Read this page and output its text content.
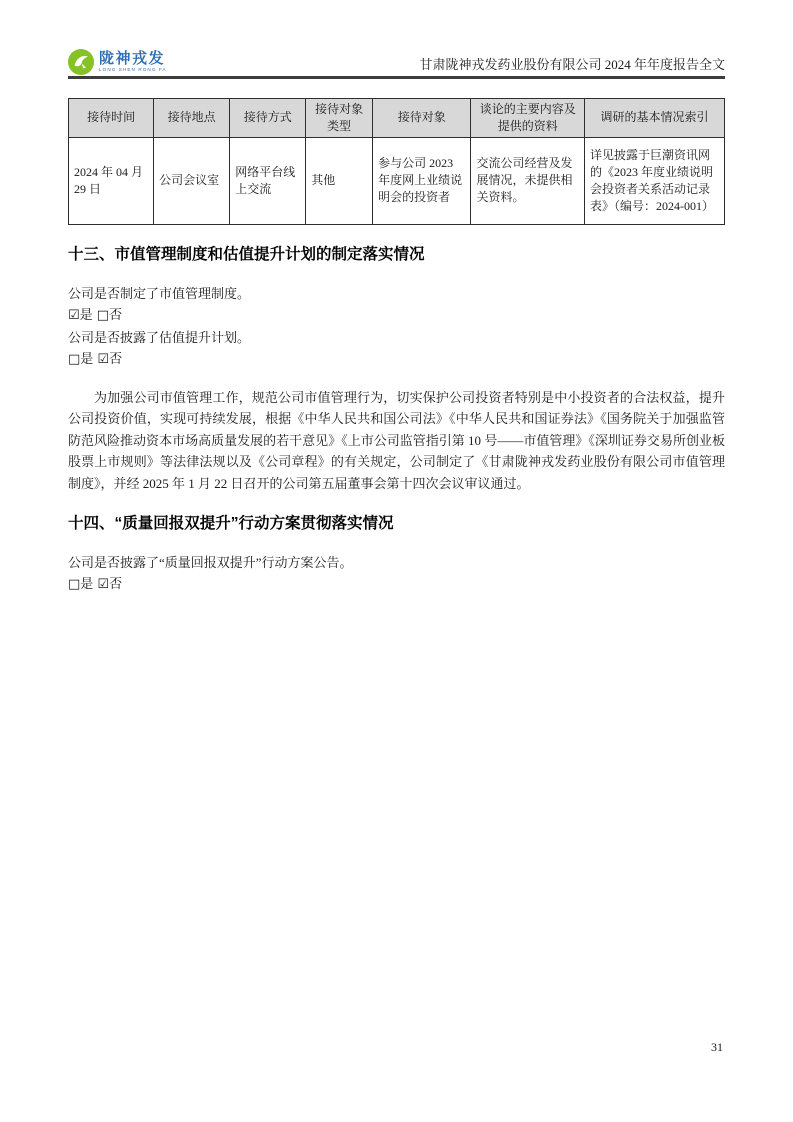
陇神戎发
LONG SHEN RONG FA	甘肃陇神戎发药业股份有限公司 2024 年年度报告全文
接待时间	接待地点	接待方式	接待对象类型	接待对象	谈论的主要内容及提供的资料	调研的基本情况索引
2024 年 04 月 29 日	公司会议室	网络平台线上交流	其他	参与公司 2023 年度网上业绩说明会的投资者	交流公司经营及发展情况，未提供相关资料。	详见披露于巨潮资讯网的《2023 年度业绩说明会投资者关系活动记录表》（编号：2024-001）
十三、市值管理制度和估值提升计划的制定落实情况
公司是否制定了市值管理制度。
☑是 □否
公司是否披露了估值提升计划。
□是 ☑否

为加强公司市值管理工作，规范公司市值管理行为，切实保护公司投资者特别是中小投资者的合法权益，提升公司投资价值，实现可持续发展，根据《中华人民共和国公司法》《中华人民共和国证券法》《国务院关于加强监管防范风险推动资本市场高质量发展的若干意见》《上市公司监管指引第 10 号——市值管理》《深圳证券交易所创业板股票上市规则》等法律法规以及《公司章程》的有关规定，公司制定了《甘肃陇神戎发药业股份有限公司市值管理制度》，并经 2025 年 1 月 22 日召开的公司第五届董事会第十四次会议审议通过。

十四、“质量回报双提升”行动方案贯彻落实情况
公司是否披露了“质量回报双提升”行动方案公告。
□是 ☑否
31
